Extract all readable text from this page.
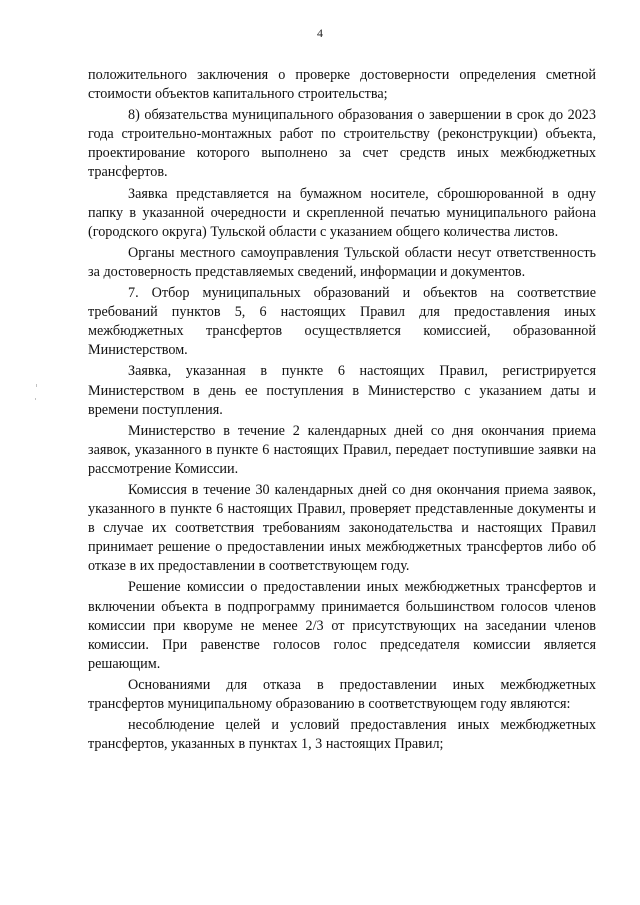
4

положительного заключения о проверке достоверности определения сметной стоимости объектов капитального строительства;

8) обязательства муниципального образования о завершении в срок до 2023 года строительно-монтажных работ по строительству (реконструкции) объекта, проектирование которого выполнено за счет средств иных межбюджетных трансфертов.

Заявка представляется на бумажном носителе, сброшюрованной в одну папку в указанной очередности и скрепленной печатью муниципального района (городского округа) Тульской области с указанием общего количества листов.

Органы местного самоуправления Тульской области несут ответственность за достоверность представляемых сведений, информации и документов.

7. Отбор муниципальных образований и объектов на соответствие требований пунктов 5, 6 настоящих Правил для предоставления иных межбюджетных трансфертов осуществляется комиссией, образованной Министерством.

Заявка, указанная в пункте 6 настоящих Правил, регистрируется Министерством в день ее поступления в Министерство с указанием даты и времени поступления.

Министерство в течение 2 календарных дней со дня окончания приема заявок, указанного в пункте 6 настоящих Правил, передает поступившие заявки на рассмотрение Комиссии.

Комиссия в течение 30 календарных дней со дня окончания приема заявок, указанного в пункте 6 настоящих Правил, проверяет представленные документы и в случае их соответствия требованиям законодательства и настоящих Правил принимает решение о предоставлении иных межбюджетных трансфертов либо об отказе в их предоставлении в соответствующем году.

Решение комиссии о предоставлении иных межбюджетных трансфертов и включении объекта в подпрограмму принимается большинством голосов членов комиссии при кворуме не менее 2/3 от присутствующих на заседании членов комиссии. При равенстве голосов голос председателя комиссии является решающим.

Основаниями для отказа в предоставлении иных межбюджетных трансфертов муниципальному образованию в соответствующем году являются:

несоблюдение целей и условий предоставления иных межбюджетных трансфертов, указанных в пунктах 1, 3 настоящих Правил;
